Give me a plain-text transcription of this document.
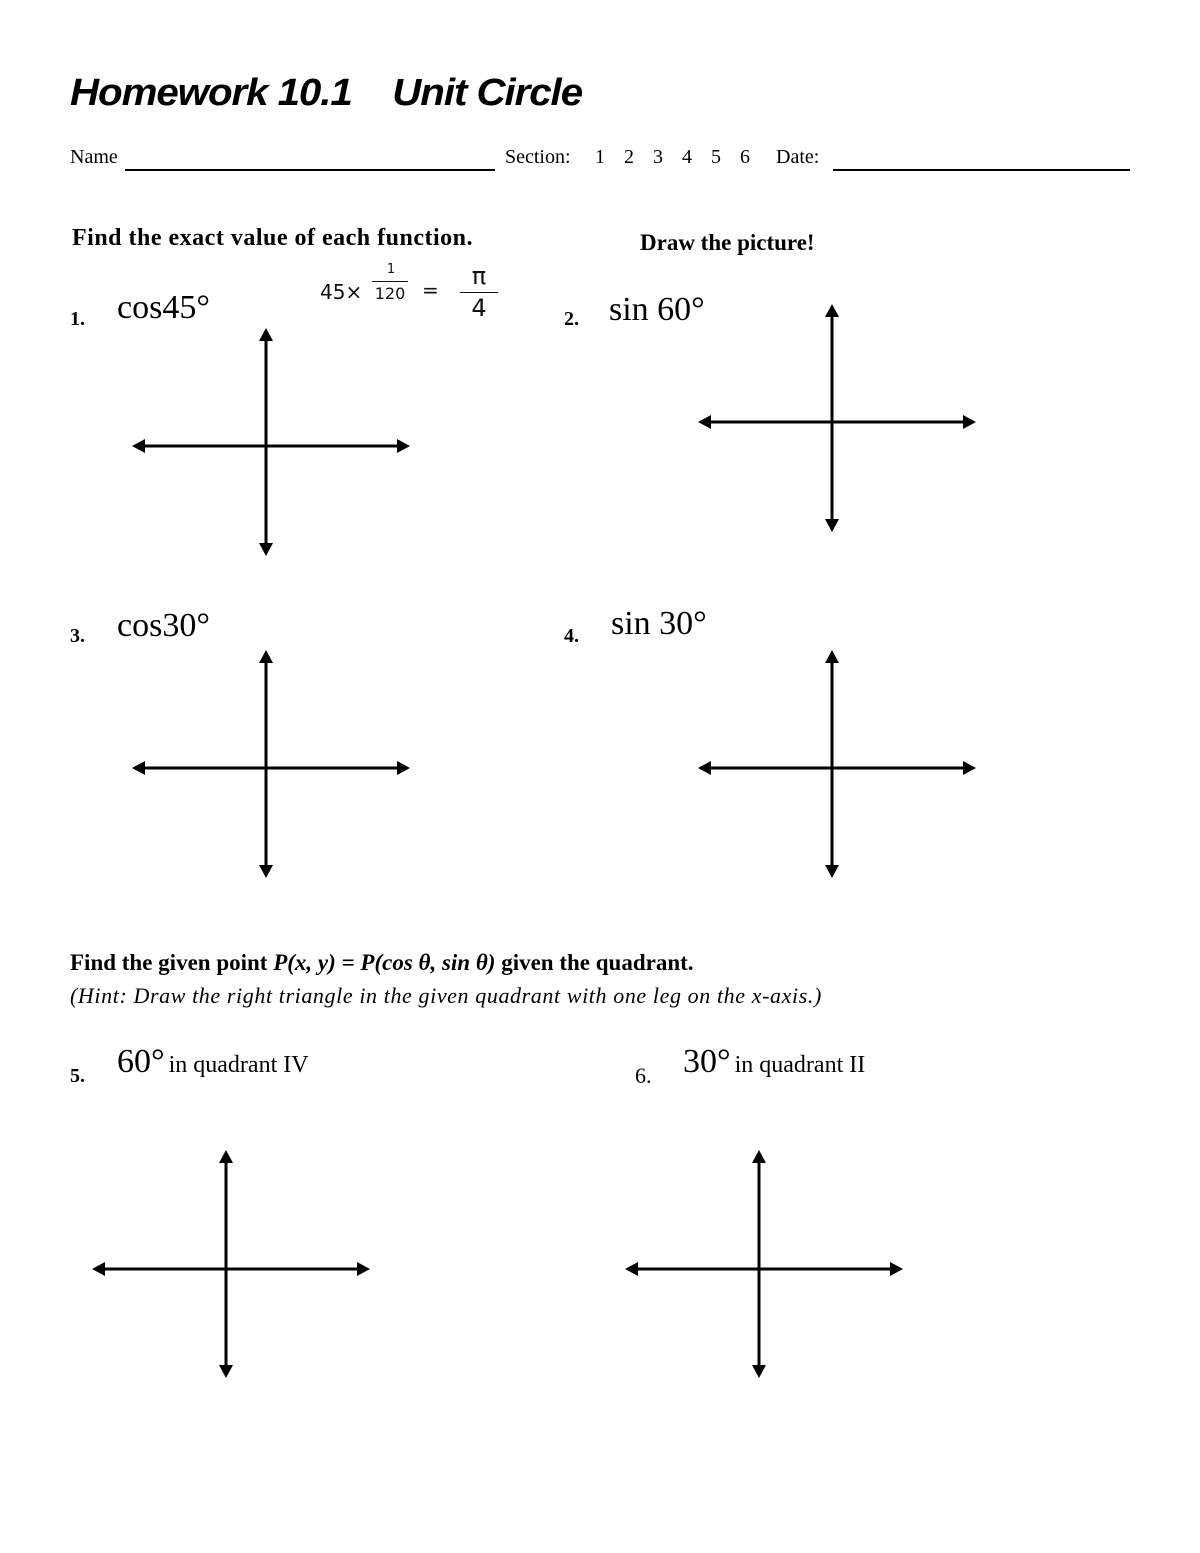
Homework 10.1    Unit Circle
Name	Section: 1 2 3 4 5 6 Date:
Find the exact value of each function.	Draw the picture!
45×
1
120 =	π
4
1. cos45°	2. sin 60°
3. cos30°	4. sin 30°
Find the given point P(x, y) = P(cos θ, sin θ) given the quadrant.
(Hint: Draw the right triangle in the given quadrant with one leg on the x-axis.)
5. 60° in quadrant IV	6. 30° in quadrant II
